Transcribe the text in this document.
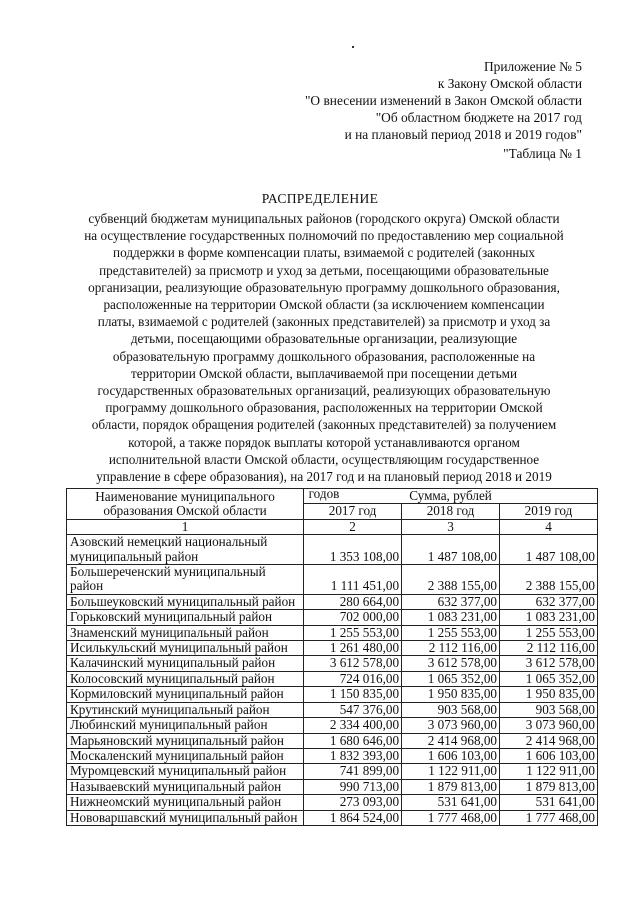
Приложение № 5
к Закону Омской области
"О внесении изменений в Закон Омской области
"Об областном бюджете на 2017 год
и на плановый период 2018 и 2019 годов"
"Таблица № 1
РАСПРЕДЕЛЕНИЕ
субвенций бюджетам муниципальных районов (городского округа) Омской области на осуществление государственных полномочий по предоставлению мер социальной поддержки в форме компенсации платы, взимаемой с родителей (законных представителей) за присмотр и уход за детьми, посещающими образовательные организации, реализующие образовательную программу дошкольного образования, расположенные на территории Омской области (за исключением компенсации платы, взимаемой с родителей (законных представителей) за присмотр и уход за детьми, посещающими образовательные организации, реализующие образовательную программу дошкольного образования, расположенные на территории Омской области, выплачиваемой при посещении детьми государственных образовательных организаций, реализующих образовательную программу дошкольного образования, расположенных на территории Омской области, порядок обращения родителей (законных представителей) за получением которой, а также порядок выплаты которой устанавливаются органом исполнительной власти Омской области, осуществляющим государственное управление в сфере образования), на 2017 год и на плановый период 2018 и 2019 годов
Наименование муниципального образования Омской области	Сумма, рублей		
	2017 год	2018 год	2019 год
1	2	3	4
Азовский немецкий национальный муниципальный район	1 353 108,00	1 487 108,00	1 487 108,00
Большереченский муниципальный район	1 111 451,00	2 388 155,00	2 388 155,00
Большеуковский муниципальный район	280 664,00	632 377,00	632 377,00
Горьковский муниципальный район	702 000,00	1 083 231,00	1 083 231,00
Знаменский муниципальный район	1 255 553,00	1 255 553,00	1 255 553,00
Исилькульский муниципальный район	1 261 480,00	2 112 116,00	2 112 116,00
Калачинский муниципальный район	3 612 578,00	3 612 578,00	3 612 578,00
Колосовский муниципальный район	724 016,00	1 065 352,00	1 065 352,00
Кормиловский муниципальный район	1 150 835,00	1 950 835,00	1 950 835,00
Крутинский муниципальный район	547 376,00	903 568,00	903 568,00
Любинский муниципальный район	2 334 400,00	3 073 960,00	3 073 960,00
Марьяновский муниципальный район	1 680 646,00	2 414 968,00	2 414 968,00
Москаленский муниципальный район	1 832 393,00	1 606 103,00	1 606 103,00
Муромцевский муниципальный район	741 899,00	1 122 911,00	1 122 911,00
Называевский муниципальный район	990 713,00	1 879 813,00	1 879 813,00
Нижнеомский муниципальный район	273 093,00	531 641,00	531 641,00
Нововаршавский муниципальный район	1 864 524,00	1 777 468,00	1 777 468,00
